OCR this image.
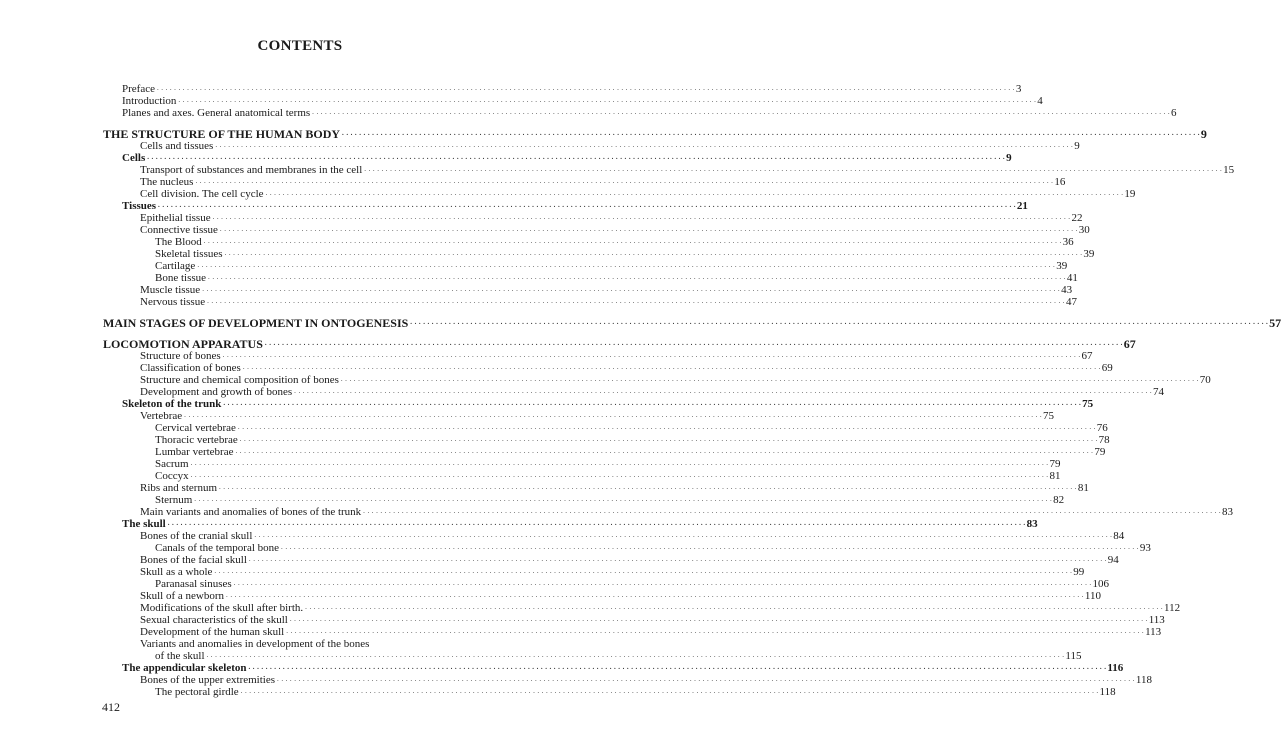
CONTENTS
Preface . . . . . . . . . . . . . . . . . . . . . . . . . . . . . . . . . . . . . . . . . . . . . . . . . . . . . . . . . . . . . . . . . . . . . . . . . . . . . . . . . . . . . . . . . . . . . . . . . . . . . . . . . . . . . . . . . . . . . . . . . . . . . . . . . . . . . . . . . . . . . . . . . . . . . . . . . . . . . . . . . . . . . . . . . . . . . . . . . . . . . . . . . . . . . . . . . . . . . . . . 3
Introduction . . . . . . . . . . . . . . . . . . . . . . . . . . . . . . . . . . . . . . . . . . . . . . . . . . . . . . . . . . . . . . . . . . . . . . . . . . . . . . . . . . . . . . . . . . . . . . . . . . . . . . . . . . . . . . . . . . . . . . . . . . . . . . . . . . . . . . . . . . . . . . . . . . . . . . . . . . . . . . . . . . . . . . . . . . . . . . . . . . . . . . . . . . . . . . . . . . . . . . . . 4
Planes and axes. General anatomical terms . . . . . . . . . . . . . . . . . . . . . . . . . . . . . . . . . . . . . . . . . . . . . . . . . . . . . . . . . . . . . . . . . . . . . . . . . . . . . . . . . . . . . . . . . . . . . . . . . . . . . . . . . . . . . . . . . . . . . . . . . . . . . . . . . . . . . . . . . . . . . . . . . . . . . . . . . . . . . . . . . . . . . . . . . . . . . . . . . . . . . . . . . . . . . . . . . . . . . . . . 6
THE STRUCTURE OF THE HUMAN BODY . . . . . . . . . . . . . . . . . . . . . . . . . . . . . . . . . . . . . . . . . . . . . . . . . . . . . . . . . . . . . . . . . . . . . . . . . . . . . . . . . . . . . . . . . . . . . . . . . . . . . . . . . . . . . . . . . . . . . . . . . . . . . . . . . . . . . . . . . . . . . . . . . . . . . . . . . . . . . . . . . . . . . . . . . . . . . . . . . . . . . . . . . . . . . . . . . . . . . . . . 9
Cells and tissues . . . . . . . . . . . . . . . . . . . . . . . . . . . . . . . . . . . . . . . . . . . . . . . . . . . . . . . . . . . . . . . . . . . . . . . . . . . . . . . . . . . . . . . . . . . . . . . . . . . . . . . . . . . . . . . . . . . . . . . . . . . . . . . . . . . . . . . . . . . . . . . . . . . . . . . . . . . . . . . . . . . . . . . . . . . . . . . . . . . . . . . . . . . . . . . . . . . . . . . . 9
Cells . . . . . . . . . . . . . . . . . . . . . . . . . . . . . . . . . . . . . . . . . . . . . . . . . . . . . . . . . . . . . . . . . . . . . . . . . . . . . . . . . . . . . . . . . . . . . . . . . . . . . . . . . . . . . . . . . . . . . . . . . . . . . . . . . . . . . . . . . . . . . . . . . . . . . . . . . . . . . . . . . . . . . . . . . . . . . . . . . . . . . . . . . . . . . . . . . . . . . . . . 9
Transport of substances and membranes in the cell . . . . . . . . . . . . . . . . . . . . . . . . . . . . . . . . . . . . . . . . . . . . . . . . . . . . . . . . . . . . . . . . . . . . . . . . . . . . . . . . . . . . . . . . . . . . . . . . . . . . . . . . . . . . . . . . . . . . . . . . . . . . . . . . . . . . . . . . . . . . . . . . . . . . . . . . . . . . . . . . . . . . . . . . . . . . . . . . . . . . . . . . . . . . . . . . . . . . . . . . 15
The nucleus . . . . . . . . . . . . . . . . . . . . . . . . . . . . . . . . . . . . . . . . . . . . . . . . . . . . . . . . . . . . . . . . . . . . . . . . . . . . . . . . . . . . . . . . . . . . . . . . . . . . . . . . . . . . . . . . . . . . . . . . . . . . . . . . . . . . . . . . . . . . . . . . . . . . . . . . . . . . . . . . . . . . . . . . . . . . . . . . . . . . . . . . . . . . . . . . . . . . . . . . 16
Cell division. The cell cycle . . . . . . . . . . . . . . . . . . . . . . . . . . . . . . . . . . . . . . . . . . . . . . . . . . . . . . . . . . . . . . . . . . . . . . . . . . . . . . . . . . . . . . . . . . . . . . . . . . . . . . . . . . . . . . . . . . . . . . . . . . . . . . . . . . . . . . . . . . . . . . . . . . . . . . . . . . . . . . . . . . . . . . . . . . . . . . . . . . . . . . . . . . . . . . . . . . . . . . . . 19
Tissues . . . . . . . . . . . . . . . . . . . . . . . . . . . . . . . . . . . . . . . . . . . . . . . . . . . . . . . . . . . . . . . . . . . . . . . . . . . . . . . . . . . . . . . . . . . . . . . . . . . . . . . . . . . . . . . . . . . . . . . . . . . . . . . . . . . . . . . . . . . . . . . . . . . . . . . . . . . . . . . . . . . . . . . . . . . . . . . . . . . . . . . . . . . . . . . . . . . . . . . . 21
Epithelial tissue . . . . . . . . . . . . . . . . . . . . . . . . . . . . . . . . . . . . . . . . . . . . . . . . . . . . . . . . . . . . . . . . . . . . . . . . . . . . . . . . . . . . . . . . . . . . . . . . . . . . . . . . . . . . . . . . . . . . . . . . . . . . . . . . . . . . . . . . . . . . . . . . . . . . . . . . . . . . . . . . . . . . . . . . . . . . . . . . . . . . . . . . . . . . . . . . . . . . . . . . 22
Connective tissue . . . . . . . . . . . . . . . . . . . . . . . . . . . . . . . . . . . . . . . . . . . . . . . . . . . . . . . . . . . . . . . . . . . . . . . . . . . . . . . . . . . . . . . . . . . . . . . . . . . . . . . . . . . . . . . . . . . . . . . . . . . . . . . . . . . . . . . . . . . . . . . . . . . . . . . . . . . . . . . . . . . . . . . . . . . . . . . . . . . . . . . . . . . . . . . . . . . . . . . . 30
The Blood . . . . . . . . . . . . . . . . . . . . . . . . . . . . . . . . . . . . . . . . . . . . . . . . . . . . . . . . . . . . . . . . . . . . . . . . . . . . . . . . . . . . . . . . . . . . . . . . . . . . . . . . . . . . . . . . . . . . . . . . . . . . . . . . . . . . . . . . . . . . . . . . . . . . . . . . . . . . . . . . . . . . . . . . . . . . . . . . . . . . . . . . . . . . . . . . . . . . . . . . 36
Skeletal tissues . . . . . . . . . . . . . . . . . . . . . . . . . . . . . . . . . . . . . . . . . . . . . . . . . . . . . . . . . . . . . . . . . . . . . . . . . . . . . . . . . . . . . . . . . . . . . . . . . . . . . . . . . . . . . . . . . . . . . . . . . . . . . . . . . . . . . . . . . . . . . . . . . . . . . . . . . . . . . . . . . . . . . . . . . . . . . . . . . . . . . . . . . . . . . . . . . . . . . . . . 39
Cartilage . . . . . . . . . . . . . . . . . . . . . . . . . . . . . . . . . . . . . . . . . . . . . . . . . . . . . . . . . . . . . . . . . . . . . . . . . . . . . . . . . . . . . . . . . . . . . . . . . . . . . . . . . . . . . . . . . . . . . . . . . . . . . . . . . . . . . . . . . . . . . . . . . . . . . . . . . . . . . . . . . . . . . . . . . . . . . . . . . . . . . . . . . . . . . . . . . . . . . . . . 39
Bone tissue . . . . . . . . . . . . . . . . . . . . . . . . . . . . . . . . . . . . . . . . . . . . . . . . . . . . . . . . . . . . . . . . . . . . . . . . . . . . . . . . . . . . . . . . . . . . . . . . . . . . . . . . . . . . . . . . . . . . . . . . . . . . . . . . . . . . . . . . . . . . . . . . . . . . . . . . . . . . . . . . . . . . . . . . . . . . . . . . . . . . . . . . . . . . . . . . . . . . . . . . 41
Muscle tissue . . . . . . . . . . . . . . . . . . . . . . . . . . . . . . . . . . . . . . . . . . . . . . . . . . . . . . . . . . . . . . . . . . . . . . . . . . . . . . . . . . . . . . . . . . . . . . . . . . . . . . . . . . . . . . . . . . . . . . . . . . . . . . . . . . . . . . . . . . . . . . . . . . . . . . . . . . . . . . . . . . . . . . . . . . . . . . . . . . . . . . . . . . . . . . . . . . . . . . . . 43
Nervous tissue . . . . . . . . . . . . . . . . . . . . . . . . . . . . . . . . . . . . . . . . . . . . . . . . . . . . . . . . . . . . . . . . . . . . . . . . . . . . . . . . . . . . . . . . . . . . . . . . . . . . . . . . . . . . . . . . . . . . . . . . . . . . . . . . . . . . . . . . . . . . . . . . . . . . . . . . . . . . . . . . . . . . . . . . . . . . . . . . . . . . . . . . . . . . . . . . . . . . . . . . 47
MAIN STAGES OF DEVELOPMENT IN ONTOGENESIS . . . . . . . . . . . . . . . . . . . . . . . . . . . . . . . . . . . . . . . . . . . . . . . . . . . . . . . . . . . . . . . . . . . . . . . . . . . . . . . . . . . . . . . . . . . . . . . . . . . . . . . . . . . . . . . . . . . . . . . . . . . . . . . . . . . . . . . . . . . . . . . . . . . . . . . . . . . . . . . . . . . . . . . . . . . . . . . . . . . . . . . . . . . . . . . . . . . . . . . . 57
LOCOMOTION APPARATUS . . . . . . . . . . . . . . . . . . . . . . . . . . . . . . . . . . . . . . . . . . . . . . . . . . . . . . . . . . . . . . . . . . . . . . . . . . . . . . . . . . . . . . . . . . . . . . . . . . . . . . . . . . . . . . . . . . . . . . . . . . . . . . . . . . . . . . . . . . . . . . . . . . . . . . . . . . . . . . . . . . . . . . . . . . . . . . . . . . . . . . . . . . . . . . . . . . . . . . . . 67
Structure of bones . . . . . . . . . . . . . . . . . . . . . . . . . . . . . . . . . . . . . . . . . . . . . . . . . . . . . . . . . . . . . . . . . . . . . . . . . . . . . . . . . . . . . . . . . . . . . . . . . . . . . . . . . . . . . . . . . . . . . . . . . . . . . . . . . . . . . . . . . . . . . . . . . . . . . . . . . . . . . . . . . . . . . . . . . . . . . . . . . . . . . . . . . . . . . . . . . . . . . . . . 67
Classification of bones . . . . . . . . . . . . . . . . . . . . . . . . . . . . . . . . . . . . . . . . . . . . . . . . . . . . . . . . . . . . . . . . . . . . . . . . . . . . . . . . . . . . . . . . . . . . . . . . . . . . . . . . . . . . . . . . . . . . . . . . . . . . . . . . . . . . . . . . . . . . . . . . . . . . . . . . . . . . . . . . . . . . . . . . . . . . . . . . . . . . . . . . . . . . . . . . . . . . . . . . 69
Structure and chemical composition of bones . . . . . . . . . . . . . . . . . . . . . . . . . . . . . . . . . . . . . . . . . . . . . . . . . . . . . . . . . . . . . . . . . . . . . . . . . . . . . . . . . . . . . . . . . . . . . . . . . . . . . . . . . . . . . . . . . . . . . . . . . . . . . . . . . . . . . . . . . . . . . . . . . . . . . . . . . . . . . . . . . . . . . . . . . . . . . . . . . . . . . . . . . . . . . . . . . . . . . . . . 70
Development and growth of bones . . . . . . . . . . . . . . . . . . . . . . . . . . . . . . . . . . . . . . . . . . . . . . . . . . . . . . . . . . . . . . . . . . . . . . . . . . . . . . . . . . . . . . . . . . . . . . . . . . . . . . . . . . . . . . . . . . . . . . . . . . . . . . . . . . . . . . . . . . . . . . . . . . . . . . . . . . . . . . . . . . . . . . . . . . . . . . . . . . . . . . . . . . . . . . . . . . . . . . . . 74
Skeleton of the trunk . . . . . . . . . . . . . . . . . . . . . . . . . . . . . . . . . . . . . . . . . . . . . . . . . . . . . . . . . . . . . . . . . . . . . . . . . . . . . . . . . . . . . . . . . . . . . . . . . . . . . . . . . . . . . . . . . . . . . . . . . . . . . . . . . . . . . . . . . . . . . . . . . . . . . . . . . . . . . . . . . . . . . . . . . . . . . . . . . . . . . . . . . . . . . . . . . . . . . . . . 75
Vertebrae . . . . . . . . . . . . . . . . . . . . . . . . . . . . . . . . . . . . . . . . . . . . . . . . . . . . . . . . . . . . . . . . . . . . . . . . . . . . . . . . . . . . . . . . . . . . . . . . . . . . . . . . . . . . . . . . . . . . . . . . . . . . . . . . . . . . . . . . . . . . . . . . . . . . . . . . . . . . . . . . . . . . . . . . . . . . . . . . . . . . . . . . . . . . . . . . . . . . . . . . 75
Cervical vertebrae . . . . . . . . . . . . . . . . . . . . . . . . . . . . . . . . . . . . . . . . . . . . . . . . . . . . . . . . . . . . . . . . . . . . . . . . . . . . . . . . . . . . . . . . . . . . . . . . . . . . . . . . . . . . . . . . . . . . . . . . . . . . . . . . . . . . . . . . . . . . . . . . . . . . . . . . . . . . . . . . . . . . . . . . . . . . . . . . . . . . . . . . . . . . . . . . . . . . . . . . 76
Thoracic vertebrae . . . . . . . . . . . . . . . . . . . . . . . . . . . . . . . . . . . . . . . . . . . . . . . . . . . . . . . . . . . . . . . . . . . . . . . . . . . . . . . . . . . . . . . . . . . . . . . . . . . . . . . . . . . . . . . . . . . . . . . . . . . . . . . . . . . . . . . . . . . . . . . . . . . . . . . . . . . . . . . . . . . . . . . . . . . . . . . . . . . . . . . . . . . . . . . . . . . . . . . . 78
Lumbar vertebrae . . . . . . . . . . . . . . . . . . . . . . . . . . . . . . . . . . . . . . . . . . . . . . . . . . . . . . . . . . . . . . . . . . . . . . . . . . . . . . . . . . . . . . . . . . . . . . . . . . . . . . . . . . . . . . . . . . . . . . . . . . . . . . . . . . . . . . . . . . . . . . . . . . . . . . . . . . . . . . . . . . . . . . . . . . . . . . . . . . . . . . . . . . . . . . . . . . . . . . . . 79
Sacrum . . . . . . . . . . . . . . . . . . . . . . . . . . . . . . . . . . . . . . . . . . . . . . . . . . . . . . . . . . . . . . . . . . . . . . . . . . . . . . . . . . . . . . . . . . . . . . . . . . . . . . . . . . . . . . . . . . . . . . . . . . . . . . . . . . . . . . . . . . . . . . . . . . . . . . . . . . . . . . . . . . . . . . . . . . . . . . . . . . . . . . . . . . . . . . . . . . . . . . . . 79
Coccyx . . . . . . . . . . . . . . . . . . . . . . . . . . . . . . . . . . . . . . . . . . . . . . . . . . . . . . . . . . . . . . . . . . . . . . . . . . . . . . . . . . . . . . . . . . . . . . . . . . . . . . . . . . . . . . . . . . . . . . . . . . . . . . . . . . . . . . . . . . . . . . . . . . . . . . . . . . . . . . . . . . . . . . . . . . . . . . . . . . . . . . . . . . . . . . . . . . . . . . . . 81
Ribs and sternum . . . . . . . . . . . . . . . . . . . . . . . . . . . . . . . . . . . . . . . . . . . . . . . . . . . . . . . . . . . . . . . . . . . . . . . . . . . . . . . . . . . . . . . . . . . . . . . . . . . . . . . . . . . . . . . . . . . . . . . . . . . . . . . . . . . . . . . . . . . . . . . . . . . . . . . . . . . . . . . . . . . . . . . . . . . . . . . . . . . . . . . . . . . . . . . . . . . . . . . . 81
Sternum . . . . . . . . . . . . . . . . . . . . . . . . . . . . . . . . . . . . . . . . . . . . . . . . . . . . . . . . . . . . . . . . . . . . . . . . . . . . . . . . . . . . . . . . . . . . . . . . . . . . . . . . . . . . . . . . . . . . . . . . . . . . . . . . . . . . . . . . . . . . . . . . . . . . . . . . . . . . . . . . . . . . . . . . . . . . . . . . . . . . . . . . . . . . . . . . . . . . . . . . 82
Main variants and anomalies of bones of the trunk . . . . . . . . . . . . . . . . . . . . . . . . . . . . . . . . . . . . . . . . . . . . . . . . . . . . . . . . . . . . . . . . . . . . . . . . . . . . . . . . . . . . . . . . . . . . . . . . . . . . . . . . . . . . . . . . . . . . . . . . . . . . . . . . . . . . . . . . . . . . . . . . . . . . . . . . . . . . . . . . . . . . . . . . . . . . . . . . . . . . . . . . . . . . . . . . . . . . . . . . 83
The skull . . . . . . . . . . . . . . . . . . . . . . . . . . . . . . . . . . . . . . . . . . . . . . . . . . . . . . . . . . . . . . . . . . . . . . . . . . . . . . . . . . . . . . . . . . . . . . . . . . . . . . . . . . . . . . . . . . . . . . . . . . . . . . . . . . . . . . . . . . . . . . . . . . . . . . . . . . . . . . . . . . . . . . . . . . . . . . . . . . . . . . . . . . . . . . . . . . . . . . . . 83
Bones of the cranial skull . . . . . . . . . . . . . . . . . . . . . . . . . . . . . . . . . . . . . . . . . . . . . . . . . . . . . . . . . . . . . . . . . . . . . . . . . . . . . . . . . . . . . . . . . . . . . . . . . . . . . . . . . . . . . . . . . . . . . . . . . . . . . . . . . . . . . . . . . . . . . . . . . . . . . . . . . . . . . . . . . . . . . . . . . . . . . . . . . . . . . . . . . . . . . . . . . . . . . . . . 84
Canals of the temporal bone . . . . . . . . . . . . . . . . . . . . . . . . . . . . . . . . . . . . . . . . . . . . . . . . . . . . . . . . . . . . . . . . . . . . . . . . . . . . . . . . . . . . . . . . . . . . . . . . . . . . . . . . . . . . . . . . . . . . . . . . . . . . . . . . . . . . . . . . . . . . . . . . . . . . . . . . . . . . . . . . . . . . . . . . . . . . . . . . . . . . . . . . . . . . . . . . . . . . . . . . 93
Bones of the facial skull . . . . . . . . . . . . . . . . . . . . . . . . . . . . . . . . . . . . . . . . . . . . . . . . . . . . . . . . . . . . . . . . . . . . . . . . . . . . . . . . . . . . . . . . . . . . . . . . . . . . . . . . . . . . . . . . . . . . . . . . . . . . . . . . . . . . . . . . . . . . . . . . . . . . . . . . . . . . . . . . . . . . . . . . . . . . . . . . . . . . . . . . . . . . . . . . . . . . . . . . 94
Skull as a whole . . . . . . . . . . . . . . . . . . . . . . . . . . . . . . . . . . . . . . . . . . . . . . . . . . . . . . . . . . . . . . . . . . . . . . . . . . . . . . . . . . . . . . . . . . . . . . . . . . . . . . . . . . . . . . . . . . . . . . . . . . . . . . . . . . . . . . . . . . . . . . . . . . . . . . . . . . . . . . . . . . . . . . . . . . . . . . . . . . . . . . . . . . . . . . . . . . . . . . . . 99
Paranasal sinuses . . . . . . . . . . . . . . . . . . . . . . . . . . . . . . . . . . . . . . . . . . . . . . . . . . . . . . . . . . . . . . . . . . . . . . . . . . . . . . . . . . . . . . . . . . . . . . . . . . . . . . . . . . . . . . . . . . . . . . . . . . . . . . . . . . . . . . . . . . . . . . . . . . . . . . . . . . . . . . . . . . . . . . . . . . . . . . . . . . . . . . . . . . . . . . . . . . . . . . . . 106
Skull of a newborn . . . . . . . . . . . . . . . . . . . . . . . . . . . . . . . . . . . . . . . . . . . . . . . . . . . . . . . . . . . . . . . . . . . . . . . . . . . . . . . . . . . . . . . . . . . . . . . . . . . . . . . . . . . . . . . . . . . . . . . . . . . . . . . . . . . . . . . . . . . . . . . . . . . . . . . . . . . . . . . . . . . . . . . . . . . . . . . . . . . . . . . . . . . . . . . . . . . . . . . . 110
Modifications of the skull after birth. . . . . . . . . . . . . . . . . . . . . . . . . . . . . . . . . . . . . . . . . . . . . . . . . . . . . . . . . . . . . . . . . . . . . . . . . . . . . . . . . . . . . . . . . . . . . . . . . . . . . . . . . . . . . . . . . . . . . . . . . . . . . . . . . . . . . . . . . . . . . . . . . . . . . . . . . . . . . . . . . . . . . . . . . . . . . . . . . . . . . . . . . . . . . . . . . . . . . . . . . 112
Sexual characteristics of the skull . . . . . . . . . . . . . . . . . . . . . . . . . . . . . . . . . . . . . . . . . . . . . . . . . . . . . . . . . . . . . . . . . . . . . . . . . . . . . . . . . . . . . . . . . . . . . . . . . . . . . . . . . . . . . . . . . . . . . . . . . . . . . . . . . . . . . . . . . . . . . . . . . . . . . . . . . . . . . . . . . . . . . . . . . . . . . . . . . . . . . . . . . . . . . . . . . . . . . . . . 113
Development of the human skull . . . . . . . . . . . . . . . . . . . . . . . . . . . . . . . . . . . . . . . . . . . . . . . . . . . . . . . . . . . . . . . . . . . . . . . . . . . . . . . . . . . . . . . . . . . . . . . . . . . . . . . . . . . . . . . . . . . . . . . . . . . . . . . . . . . . . . . . . . . . . . . . . . . . . . . . . . . . . . . . . . . . . . . . . . . . . . . . . . . . . . . . . . . . . . . . . . . . . . . . 113
Variants and anomalies in development of the bones
of the skull . . . . . . . . . . . . . . . . . . . . . . . . . . . . . . . . . . . . . . . . . . . . . . . . . . . . . . . . . . . . . . . . . . . . . . . . . . . . . . . . . . . . . . . . . . . . . . . . . . . . . . . . . . . . . . . . . . . . . . . . . . . . . . . . . . . . . . . . . . . . . . . . . . . . . . . . . . . . . . . . . . . . . . . . . . . . . . . . . . . . . . . . . . . . . . . . . . . . . . . . 115
The appendicular skeleton . . . . . . . . . . . . . . . . . . . . . . . . . . . . . . . . . . . . . . . . . . . . . . . . . . . . . . . . . . . . . . . . . . . . . . . . . . . . . . . . . . . . . . . . . . . . . . . . . . . . . . . . . . . . . . . . . . . . . . . . . . . . . . . . . . . . . . . . . . . . . . . . . . . . . . . . . . . . . . . . . . . . . . . . . . . . . . . . . . . . . . . . . . . . . . . . . . . . . . . . 116
Bones of the upper extremities . . . . . . . . . . . . . . . . . . . . . . . . . . . . . . . . . . . . . . . . . . . . . . . . . . . . . . . . . . . . . . . . . . . . . . . . . . . . . . . . . . . . . . . . . . . . . . . . . . . . . . . . . . . . . . . . . . . . . . . . . . . . . . . . . . . . . . . . . . . . . . . . . . . . . . . . . . . . . . . . . . . . . . . . . . . . . . . . . . . . . . . . . . . . . . . . . . . . . . . . 118
The pectoral girdle . . . . . . . . . . . . . . . . . . . . . . . . . . . . . . . . . . . . . . . . . . . . . . . . . . . . . . . . . . . . . . . . . . . . . . . . . . . . . . . . . . . . . . . . . . . . . . . . . . . . . . . . . . . . . . . . . . . . . . . . . . . . . . . . . . . . . . . . . . . . . . . . . . . . . . . . . . . . . . . . . . . . . . . . . . . . . . . . . . . . . . . . . . . . . . . . . . . . . . . . 118
412
